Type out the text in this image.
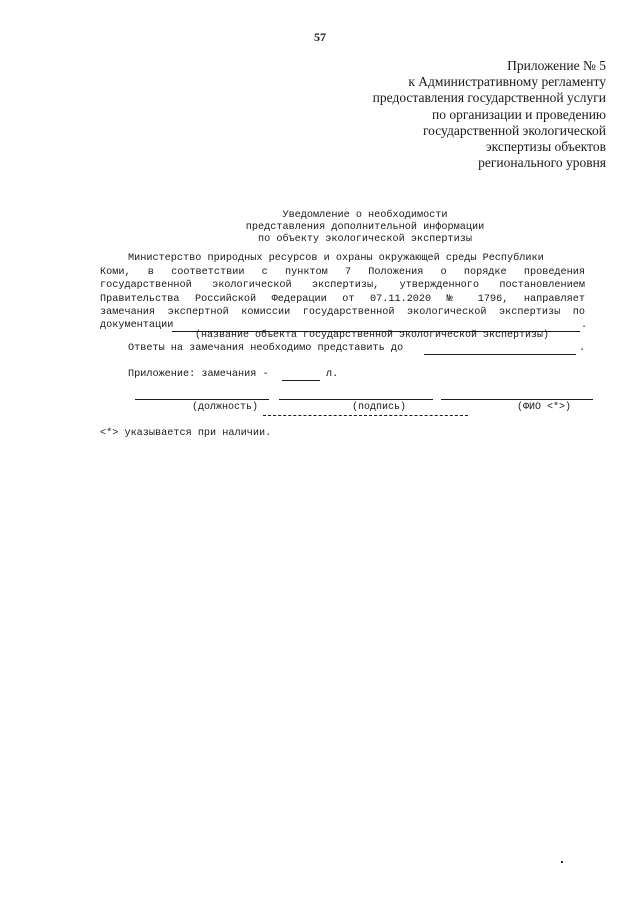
57
Приложение № 5
к Административному регламенту
предоставления государственной услуги
по организации и проведению
государственной экологической
экспертизы объектов
регионального уровня
Уведомление о необходимости
представления дополнительной информации
по объекту экологической экспертизы
Министерство природных ресурсов и охраны окружающей среды Республики
Коми, в соответствии с пунктом 7 Положения о порядке проведения
государственной экологической экспертизы, утвержденного постановлением
Правительства Российской Федерации от 07.11.2020 № 1796, направляет
замечания экспертной комиссии государственной экологической экспертизы по
документации	.
(название объекта государственной экологической экспертизы)
Ответы на замечания необходимо представить до	.
Приложение: замечания -	л.
(должность)	(подпись)	(ФИО <*>)
<*> указывается при наличии.
